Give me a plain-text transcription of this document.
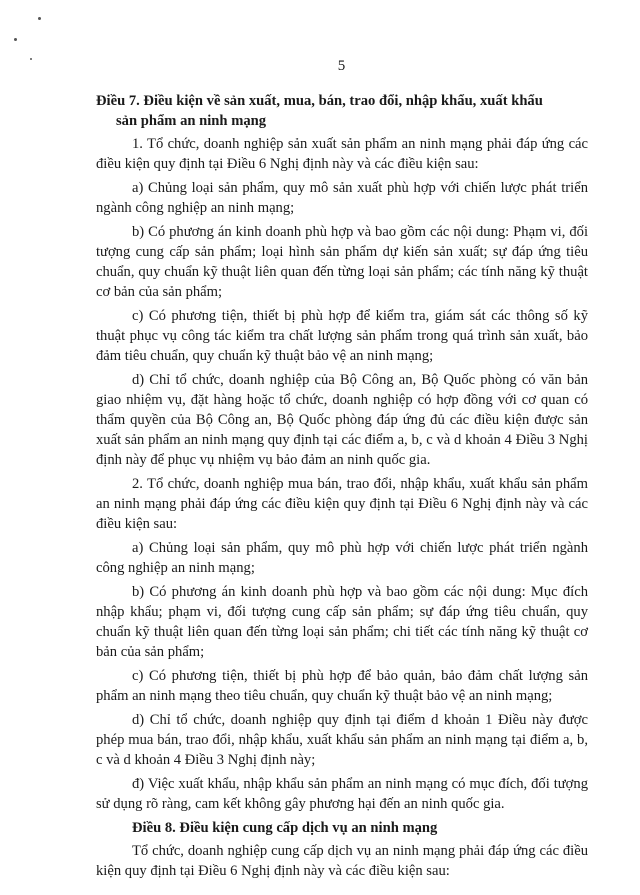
5

Điều 7. Điều kiện về sản xuất, mua, bán, trao đổi, nhập khẩu, xuất khẩu
sản phẩm an ninh mạng

1. Tổ chức, doanh nghiệp sản xuất sản phẩm an ninh mạng phải đáp ứng các điều kiện quy định tại Điều 6 Nghị định này và các điều kiện sau:

a) Chủng loại sản phẩm, quy mô sản xuất phù hợp với chiến lược phát triển ngành công nghiệp an ninh mạng;

b) Có phương án kinh doanh phù hợp và bao gồm các nội dung: Phạm vi, đối tượng cung cấp sản phẩm; loại hình sản phẩm dự kiến sản xuất; sự đáp ứng tiêu chuẩn, quy chuẩn kỹ thuật liên quan đến từng loại sản phẩm; các tính năng kỹ thuật cơ bản của sản phẩm;

c) Có phương tiện, thiết bị phù hợp để kiểm tra, giám sát các thông số kỹ thuật phục vụ công tác kiểm tra chất lượng sản phẩm trong quá trình sản xuất, bảo đảm tiêu chuẩn, quy chuẩn kỹ thuật bảo vệ an ninh mạng;

d) Chỉ tổ chức, doanh nghiệp của Bộ Công an, Bộ Quốc phòng có văn bản giao nhiệm vụ, đặt hàng hoặc tổ chức, doanh nghiệp có hợp đồng với cơ quan có thẩm quyền của Bộ Công an, Bộ Quốc phòng đáp ứng đủ các điều kiện được sản xuất sản phẩm an ninh mạng quy định tại các điểm a, b, c và d khoản 4 Điều 3 Nghị định này để phục vụ nhiệm vụ bảo đảm an ninh quốc gia.

2. Tổ chức, doanh nghiệp mua bán, trao đổi, nhập khẩu, xuất khẩu sản phẩm an ninh mạng phải đáp ứng các điều kiện quy định tại Điều 6 Nghị định này và các điều kiện sau:

a) Chủng loại sản phẩm, quy mô phù hợp với chiến lược phát triển ngành công nghiệp an ninh mạng;

b) Có phương án kinh doanh phù hợp và bao gồm các nội dung: Mục đích nhập khẩu; phạm vi, đối tượng cung cấp sản phẩm; sự đáp ứng tiêu chuẩn, quy chuẩn kỹ thuật liên quan đến từng loại sản phẩm; chi tiết các tính năng kỹ thuật cơ bản của sản phẩm;

c) Có phương tiện, thiết bị phù hợp để bảo quản, bảo đảm chất lượng sản phẩm an ninh mạng theo tiêu chuẩn, quy chuẩn kỹ thuật bảo vệ an ninh mạng;

d) Chỉ tổ chức, doanh nghiệp quy định tại điểm d khoản 1 Điều này được phép mua bán, trao đổi, nhập khẩu, xuất khẩu sản phẩm an ninh mạng tại điểm a, b, c và d khoản 4 Điều 3 Nghị định này;

đ) Việc xuất khẩu, nhập khẩu sản phẩm an ninh mạng có mục đích, đối tượng sử dụng rõ ràng, cam kết không gây phương hại đến an ninh quốc gia.

Điều 8. Điều kiện cung cấp dịch vụ an ninh mạng

Tổ chức, doanh nghiệp cung cấp dịch vụ an ninh mạng phải đáp ứng các điều kiện quy định tại Điều 6 Nghị định này và các điều kiện sau:
